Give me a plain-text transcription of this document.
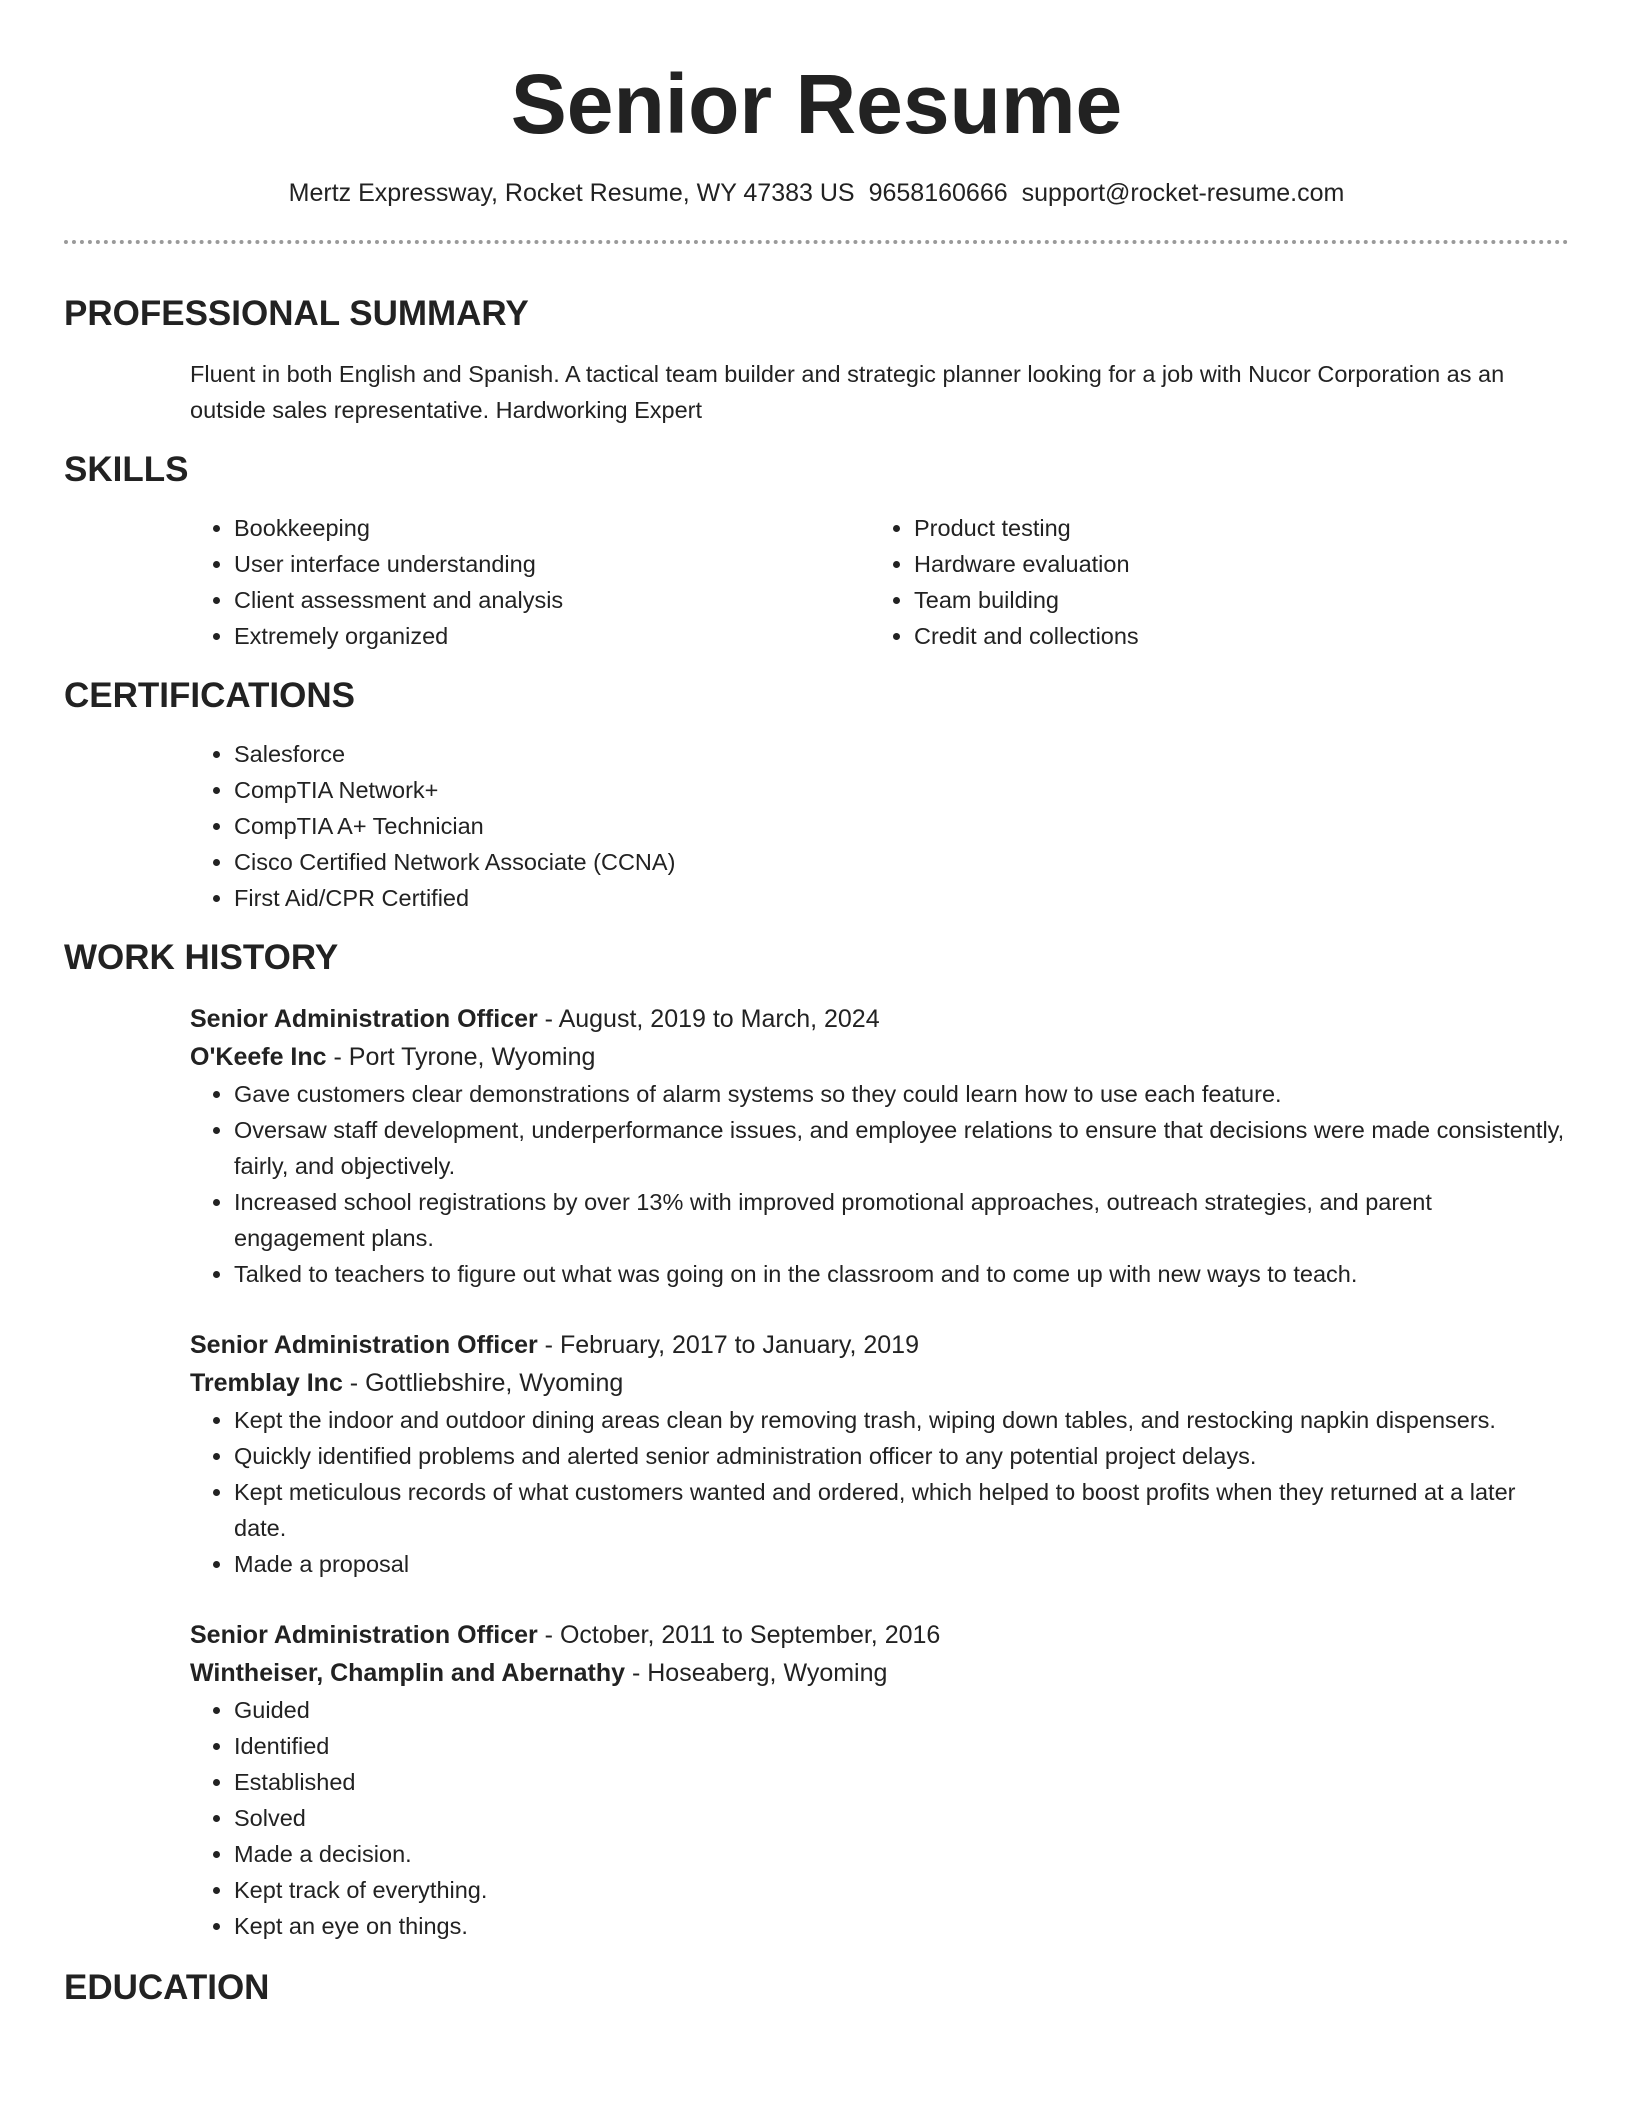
Senior Resume
Mertz Expressway, Rocket Resume, WY 47383 US 9658160666 support@rocket-resume.com
PROFESSIONAL SUMMARY
Fluent in both English and Spanish. A tactical team builder and strategic planner looking for a job with Nucor Corporation as an outside sales representative. Hardworking Expert
SKILLS
• Bookkeeping
• User interface understanding
• Client assessment and analysis
• Extremely organized
• Product testing
• Hardware evaluation
• Team building
• Credit and collections
CERTIFICATIONS
• Salesforce
• CompTIA Network+
• CompTIA A+ Technician
• Cisco Certified Network Associate (CCNA)
• First Aid/CPR Certified
WORK HISTORY
Senior Administration Officer - August, 2019 to March, 2024
O'Keefe Inc - Port Tyrone, Wyoming
• Gave customers clear demonstrations of alarm systems so they could learn how to use each feature.
• Oversaw staff development, underperformance issues, and employee relations to ensure that decisions were made consistently, fairly, and objectively.
• Increased school registrations by over 13% with improved promotional approaches, outreach strategies, and parent engagement plans.
• Talked to teachers to figure out what was going on in the classroom and to come up with new ways to teach.
Senior Administration Officer - February, 2017 to January, 2019
Tremblay Inc - Gottliebshire, Wyoming
• Kept the indoor and outdoor dining areas clean by removing trash, wiping down tables, and restocking napkin dispensers.
• Quickly identified problems and alerted senior administration officer to any potential project delays.
• Kept meticulous records of what customers wanted and ordered, which helped to boost profits when they returned at a later date.
• Made a proposal
Senior Administration Officer - October, 2011 to September, 2016
Wintheiser, Champlin and Abernathy - Hoseaberg, Wyoming
• Guided
• Identified
• Established
• Solved
• Made a decision.
• Kept track of everything.
• Kept an eye on things.
EDUCATION
